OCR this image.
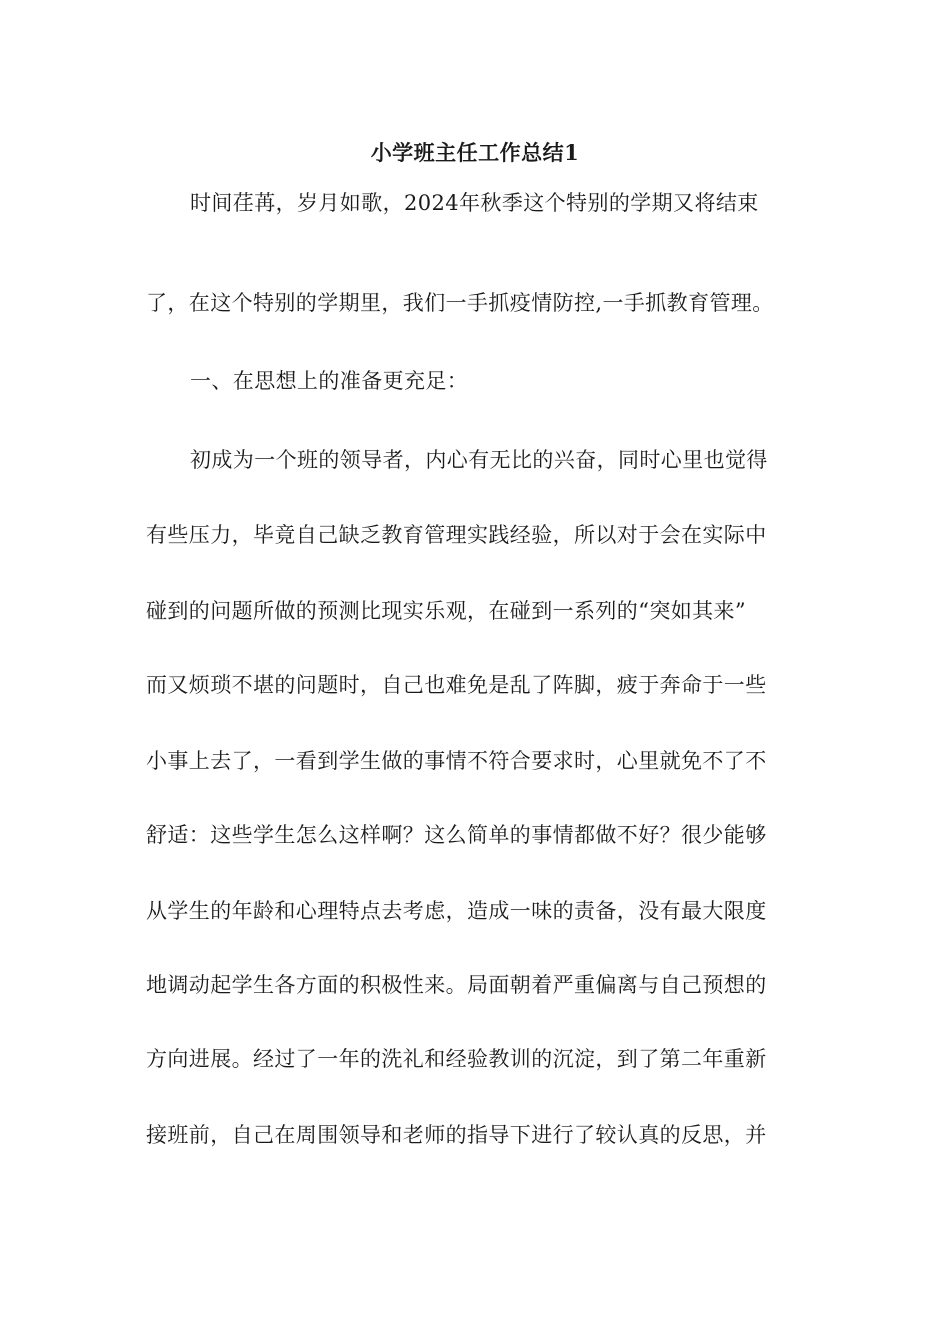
小学班主任工作总结1
时间荏苒，岁月如歌，2024年秋季这个特别的学期又将结束
了，在这个特别的学期里，我们一手抓疫情防控,一手抓教育管理。
一、在思想上的准备更充足：
初成为一个班的领导者，内心有无比的兴奋，同时心里也觉得
有些压力，毕竟自己缺乏教育管理实践经验，所以对于会在实际中
碰到的问题所做的预测比现实乐观，在碰到一系列的“突如其来”
而又烦琐不堪的问题时，自己也难免是乱了阵脚，疲于奔命于一些
小事上去了，一看到学生做的事情不符合要求时，心里就免不了不
舒适：这些学生怎么这样啊？这么简单的事情都做不好？很少能够
从学生的年龄和心理特点去考虑，造成一味的责备，没有最大限度
地调动起学生各方面的积极性来。局面朝着严重偏离与自己预想的
方向进展。经过了一年的洗礼和经验教训的沉淀，到了第二年重新
接班前，自己在周围领导和老师的指导下进行了较认真的反思，并
